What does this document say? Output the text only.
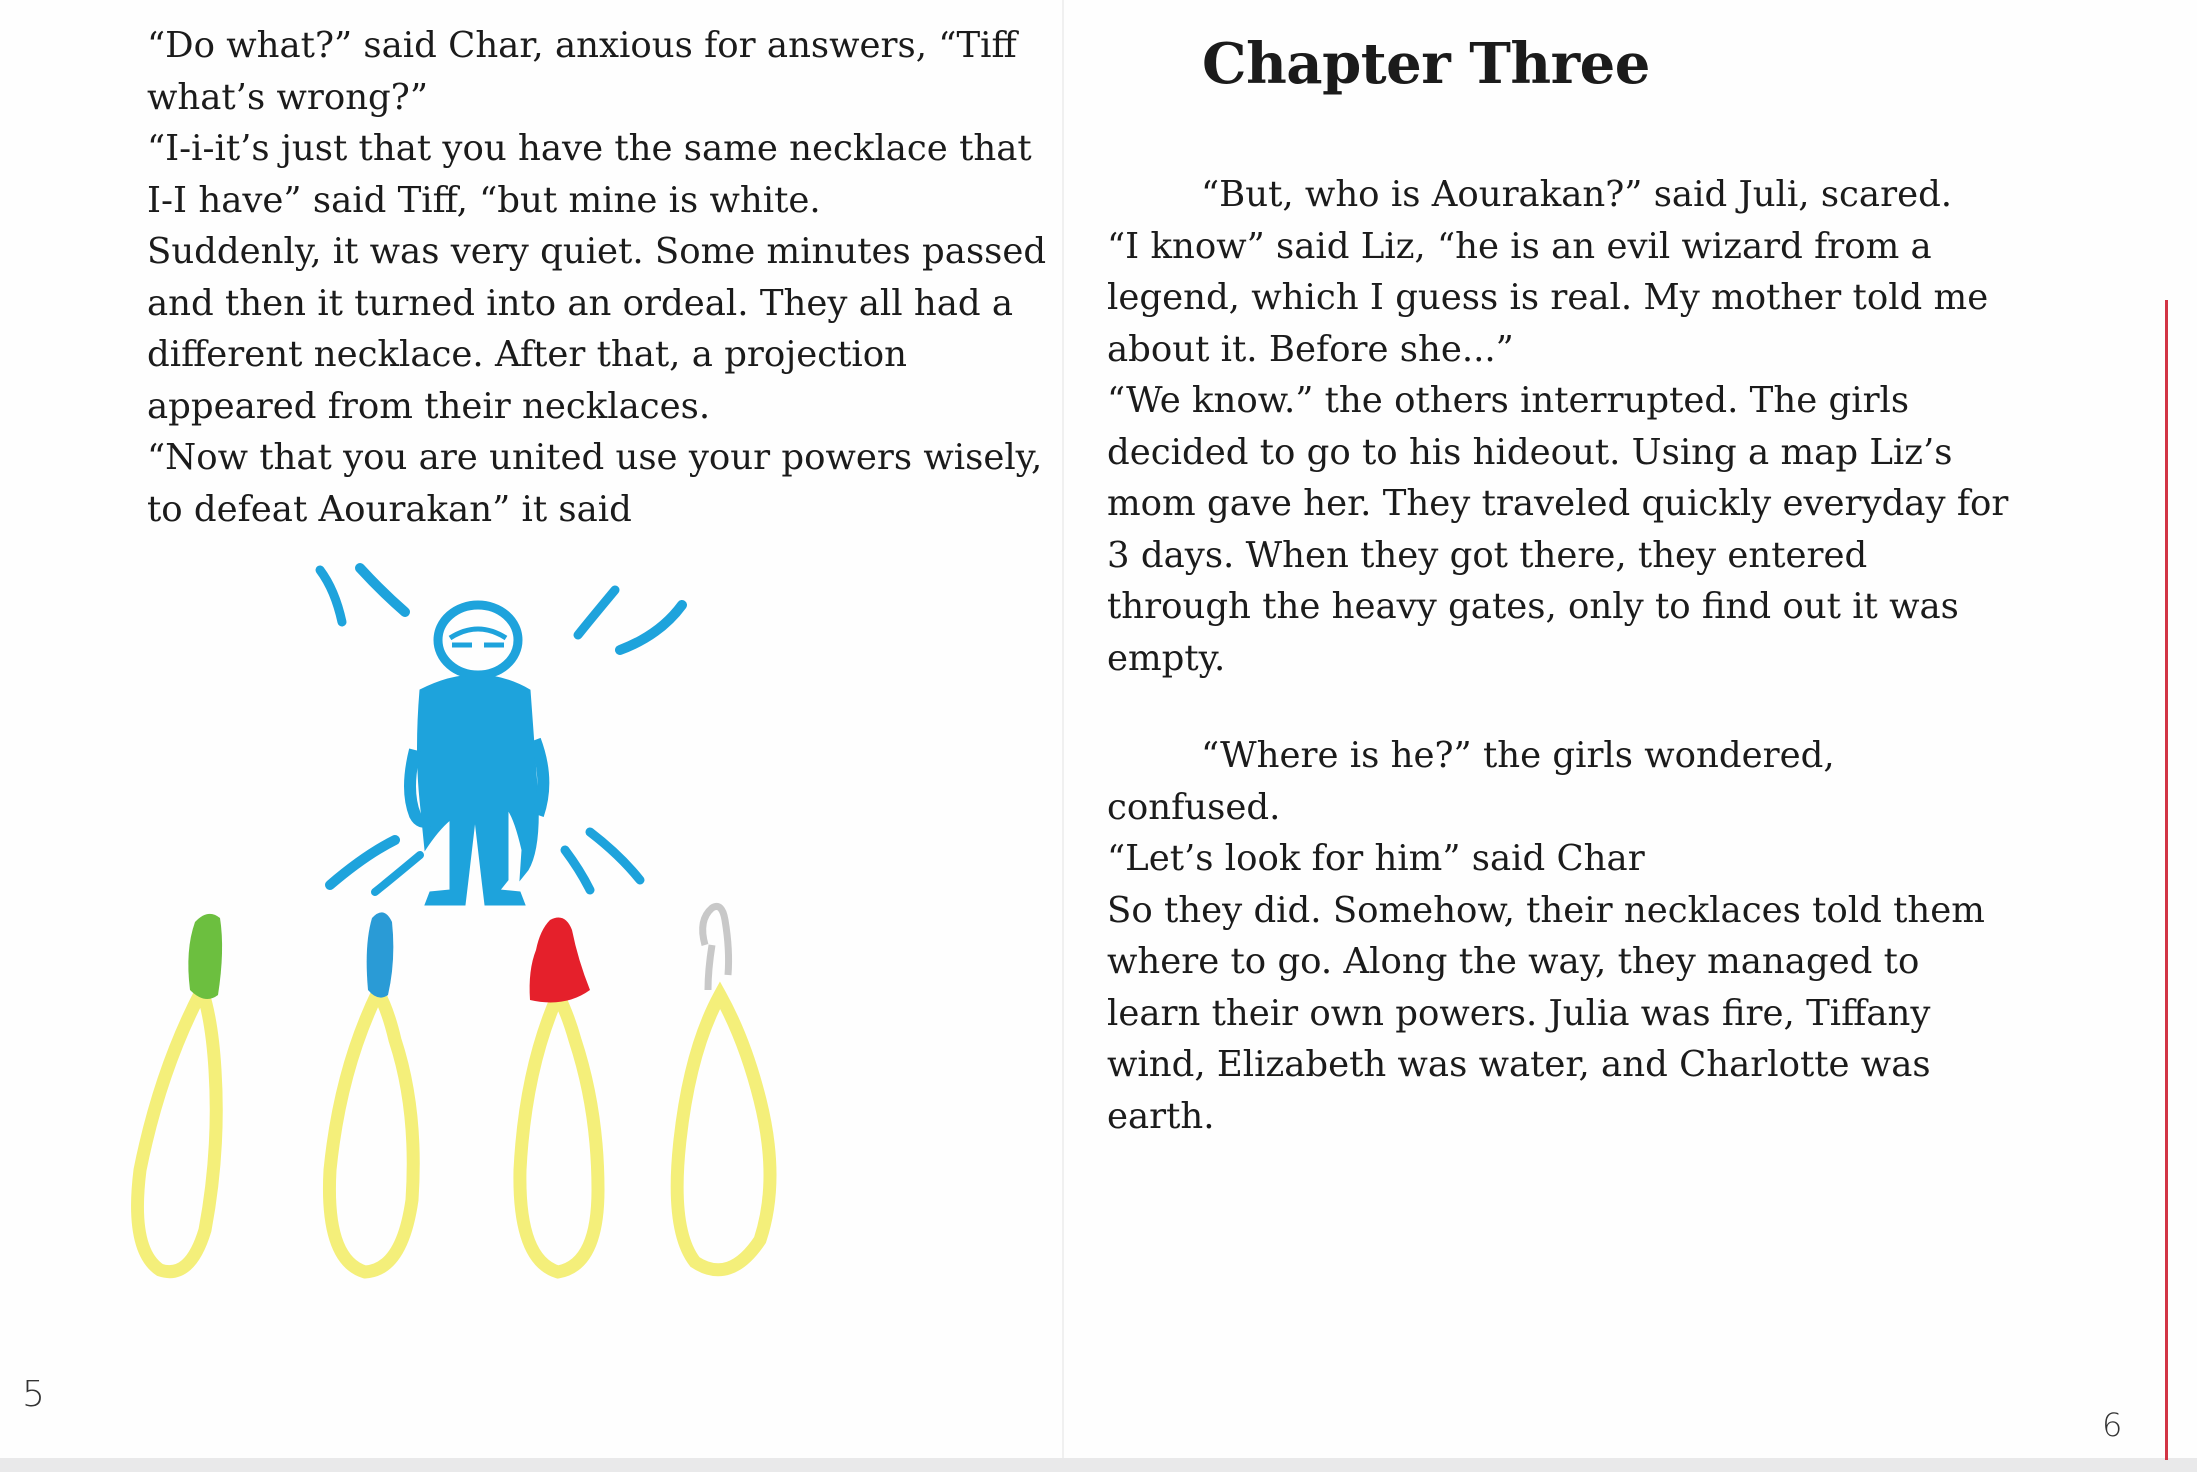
“Do what?” said Char, anxious for answers, “Tiff
what’s wrong?”
“I-i-it’s just that you have the same necklace that
I-I have” said Tiff, “but mine is white.
Suddenly, it was very quiet. Some minutes passed
and then it turned into an ordeal. They all had a
different necklace. After that, a projection
appeared from their necklaces.
“Now that you are united use your powers wisely,
to defeat Aourakan” it said
5
Chapter Three
“But, who is Aourakan?” said Juli, scared.
“I know” said Liz, “he is an evil wizard from a
legend, which I guess is real. My mother told me
about it. Before she...”
“We know.” the others interrupted. The girls
decided to go to his hideout. Using a map Liz’s
mom gave her. They traveled quickly everyday for
3 days. When they got there, they entered
through the heavy gates, only to find out it was
empty.
“Where is he?” the girls wondered,
confused.
“Let’s look for him” said Char
So they did. Somehow, their necklaces told them
where to go. Along the way, they managed to
learn their own powers. Julia was fire, Tiffany
wind, Elizabeth was water, and Charlotte was
earth.
6
